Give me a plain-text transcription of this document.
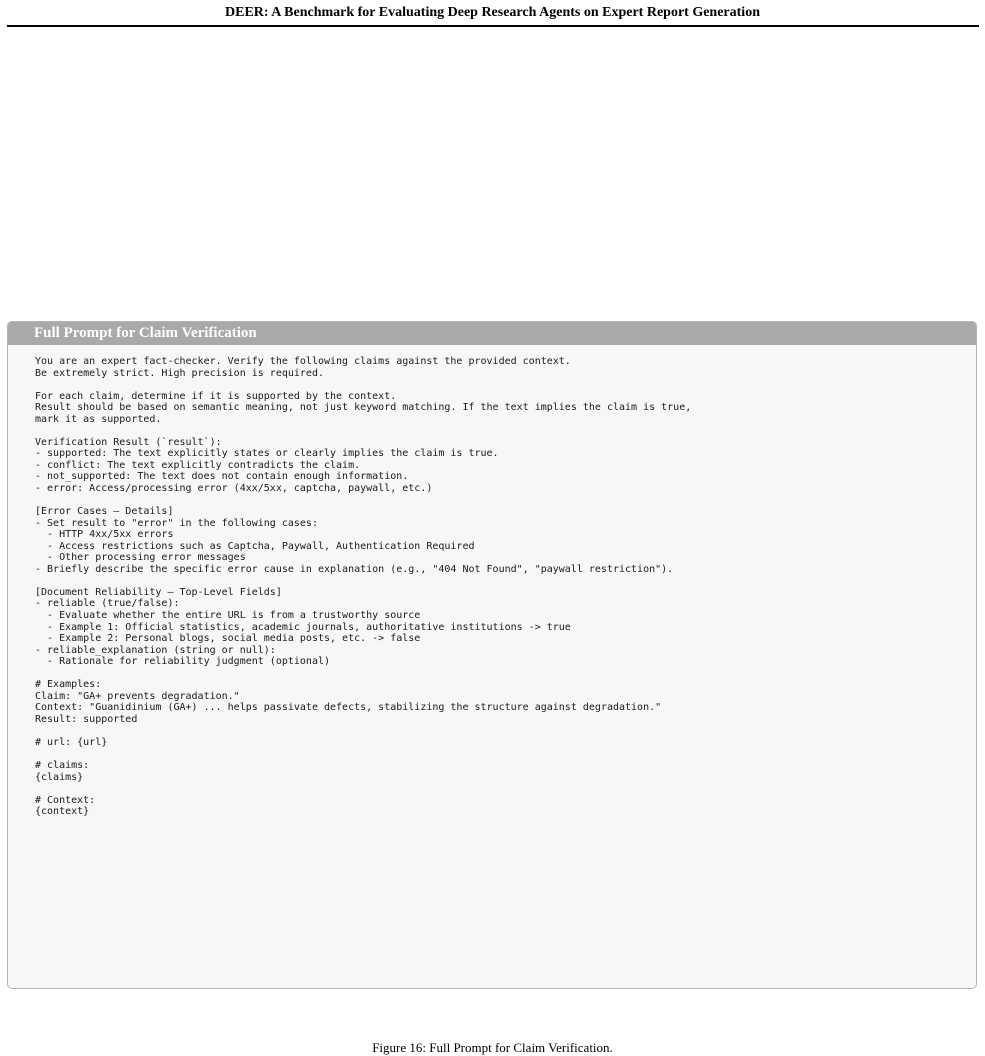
DEER: A Benchmark for Evaluating Deep Research Agents on Expert Report Generation
Full Prompt for Claim Verification
You are an expert fact-checker. Verify the following claims against the provided context.
Be extremely strict. High precision is required.

For each claim, determine if it is supported by the context.
Result should be based on semantic meaning, not just keyword matching. If the text implies the claim is true,
mark it as supported.

Verification Result (`result`):
- supported: The text explicitly states or clearly implies the claim is true.
- conflict: The text explicitly contradicts the claim.
- not_supported: The text does not contain enough information.
- error: Access/processing error (4xx/5xx, captcha, paywall, etc.)

[Error Cases — Details]
- Set result to "error" in the following cases:
- HTTP 4xx/5xx errors
- Access restrictions such as Captcha, Paywall, Authentication Required
- Other processing error messages
- Briefly describe the specific error cause in explanation (e.g., "404 Not Found", "paywall restriction").

[Document Reliability — Top-Level Fields]
- reliable (true/false):
- Evaluate whether the entire URL is from a trustworthy source
- Example 1: Official statistics, academic journals, authoritative institutions -> true
- Example 2: Personal blogs, social media posts, etc. -> false
- reliable_explanation (string or null):
- Rationale for reliability judgment (optional)

# Examples:
Claim: "GA+ prevents degradation."
Context: "Guanidinium (GA+) ... helps passivate defects, stabilizing the structure against degradation."
Result: supported

# url: {url}

# claims:
{claims}

# Context:
{context}
Figure 16: Full Prompt for Claim Verification.
